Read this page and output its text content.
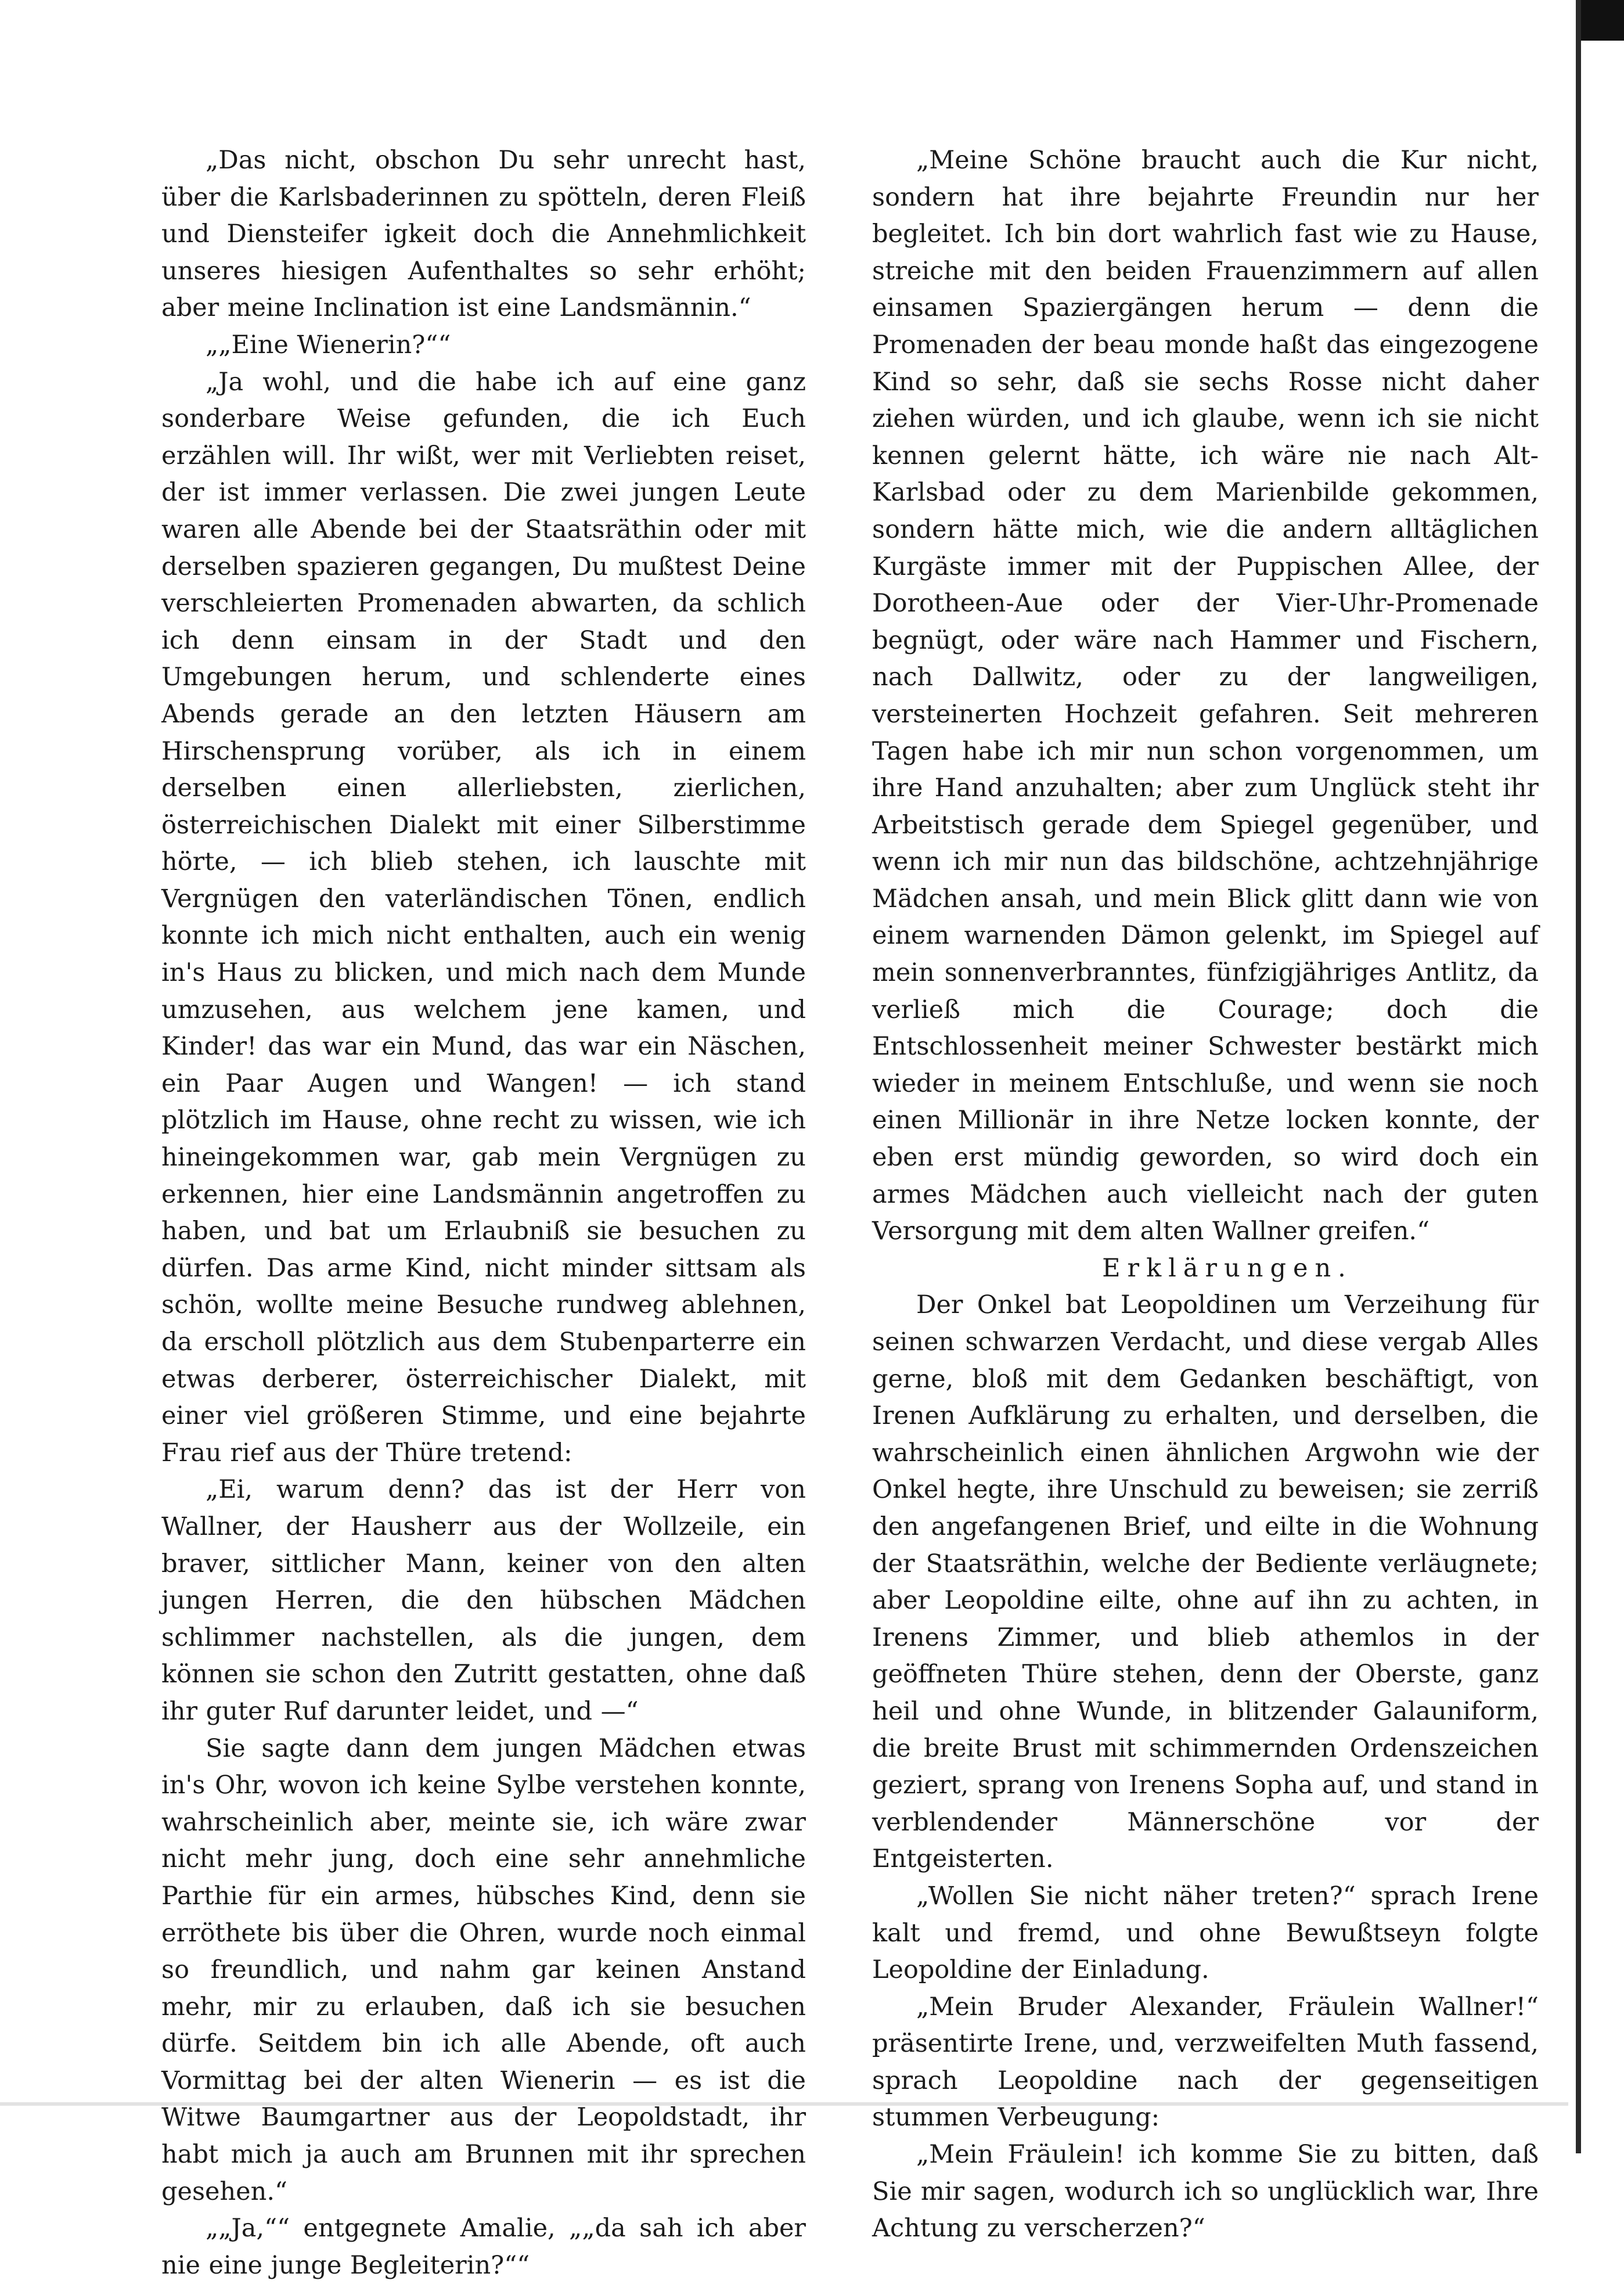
„Das nicht, obschon Du sehr unrecht hast, über die Karlsbaderinnen zu spötteln, deren Fleiß und Diensteifer igkeit doch die Annehmlichkeit unseres hiesigen Aufenthaltes so sehr erhöht; aber meine Inclination ist eine Landsmännin.“

„„Eine Wienerin?““

„Ja wohl, und die habe ich auf eine ganz sonderbare Weise gefunden, die ich Euch erzählen will. Ihr wißt, wer mit Verliebten reiset, der ist immer verlassen. Die zwei jungen Leute waren alle Abende bei der Staatsräthin oder mit derselben spazieren gegangen, Du mußtest Deine verschleierten Promenaden abwarten, da schlich ich denn einsam in der Stadt und den Umgebungen herum, und schlenderte eines Abends gerade an den letzten Häusern am Hirschensprung vorüber, als ich in einem derselben einen allerliebsten, zierlichen, österreichischen Dialekt mit einer Silberstimme hörte, — ich blieb stehen, ich lauschte mit Vergnügen den vaterländischen Tönen, endlich konnte ich mich nicht enthalten, auch ein wenig in's Haus zu blicken, und mich nach dem Munde umzusehen, aus welchem jene kamen, und Kinder! das war ein Mund, das war ein Näschen, ein Paar Augen und Wangen! — ich stand plötzlich im Hause, ohne recht zu wissen, wie ich hineingekommen war, gab mein Vergnügen zu erkennen, hier eine Landsmännin angetroffen zu haben, und bat um Erlaubniß sie besuchen zu dürfen. Das arme Kind, nicht minder sittsam als schön, wollte meine Besuche rundweg ablehnen, da erscholl plötzlich aus dem Stubenparterre ein etwas derberer, österreichischer Dialekt, mit einer viel größeren Stimme, und eine bejahrte Frau rief aus der Thüre tretend:

„Ei, warum denn? das ist der Herr von Wallner, der Hausherr aus der Wollzeile, ein braver, sittlicher Mann, keiner von den alten jungen Herren, die den hübschen Mädchen schlimmer nachstellen, als die jungen, dem können sie schon den Zutritt gestatten, ohne daß ihr guter Ruf darunter leidet, und —“

Sie sagte dann dem jungen Mädchen etwas in's Ohr, wovon ich keine Sylbe verstehen konnte, wahrscheinlich aber, meinte sie, ich wäre zwar nicht mehr jung, doch eine sehr annehmliche Parthie für ein armes, hübsches Kind, denn sie erröthete bis über die Ohren, wurde noch einmal so freundlich, und nahm gar keinen Anstand mehr, mir zu erlauben, daß ich sie besuchen dürfe. Seitdem bin ich alle Abende, oft auch Vormittag bei der alten Wienerin — es ist die Witwe Baumgartner aus der Leopoldstadt, ihr habt mich ja auch am Brunnen mit ihr sprechen gesehen.“

„„Ja,““ entgegnete Amalie, „„da sah ich aber nie eine junge Begleiterin?““

„Meine Schöne braucht auch die Kur nicht, sondern hat ihre bejahrte Freundin nur her begleitet. Ich bin dort wahrlich fast wie zu Hause, streiche mit den beiden Frauenzimmern auf allen einsamen Spaziergängen herum — denn die Promenaden der beau monde haßt das eingezogene Kind so sehr, daß sie sechs Rosse nicht daher ziehen würden, und ich glaube, wenn ich sie nicht kennen gelernt hätte, ich wäre nie nach Alt-Karlsbad oder zu dem Marienbilde gekommen, sondern hätte mich, wie die andern alltäglichen Kurgäste immer mit der Puppischen Allee, der Dorotheen-Aue oder der Vier-Uhr-Promenade begnügt, oder wäre nach Hammer und Fischern, nach Dallwitz, oder zu der langweiligen, versteinerten Hochzeit gefahren. Seit mehreren Tagen habe ich mir nun schon vorgenommen, um ihre Hand anzuhalten; aber zum Unglück steht ihr Arbeitstisch gerade dem Spiegel gegenüber, und wenn ich mir nun das bildschöne, achtzehnjährige Mädchen ansah, und mein Blick glitt dann wie von einem warnenden Dämon gelenkt, im Spiegel auf mein sonnenverbranntes, fünfzigjähriges Antlitz, da verließ mich die Courage; doch die Entschlossenheit meiner Schwester bestärkt mich wieder in meinem Entschluße, und wenn sie noch einen Millionär in ihre Netze locken konnte, der eben erst mündig geworden, so wird doch ein armes Mädchen auch vielleicht nach der guten Versorgung mit dem alten Wallner greifen.“

Erklärungen.

Der Onkel bat Leopoldinen um Verzeihung für seinen schwarzen Verdacht, und diese vergab Alles gerne, bloß mit dem Gedanken beschäftigt, von Irenen Aufklärung zu erhalten, und derselben, die wahrscheinlich einen ähnlichen Argwohn wie der Onkel hegte, ihre Unschuld zu beweisen; sie zerriß den angefangenen Brief, und eilte in die Wohnung der Staatsräthin, welche der Bediente verläugnete; aber Leopoldine eilte, ohne auf ihn zu achten, in Irenens Zimmer, und blieb athemlos in der geöffneten Thüre stehen, denn der Oberste, ganz heil und ohne Wunde, in blitzender Galauniform, die breite Brust mit schimmernden Ordenszeichen geziert, sprang von Irenens Sopha auf, und stand in verblendender Männerschöne vor der Entgeisterten.

„Wollen Sie nicht näher treten?“ sprach Irene kalt und fremd, und ohne Bewußtseyn folgte Leopoldine der Einladung.

„Mein Bruder Alexander, Fräulein Wallner!“ präsentirte Irene, und, verzweifelten Muth fassend, sprach Leopoldine nach der gegenseitigen stummen Verbeugung:

„Mein Fräulein! ich komme Sie zu bitten, daß Sie mir sagen, wodurch ich so unglücklich war, Ihre Achtung zu verscherzen?“
